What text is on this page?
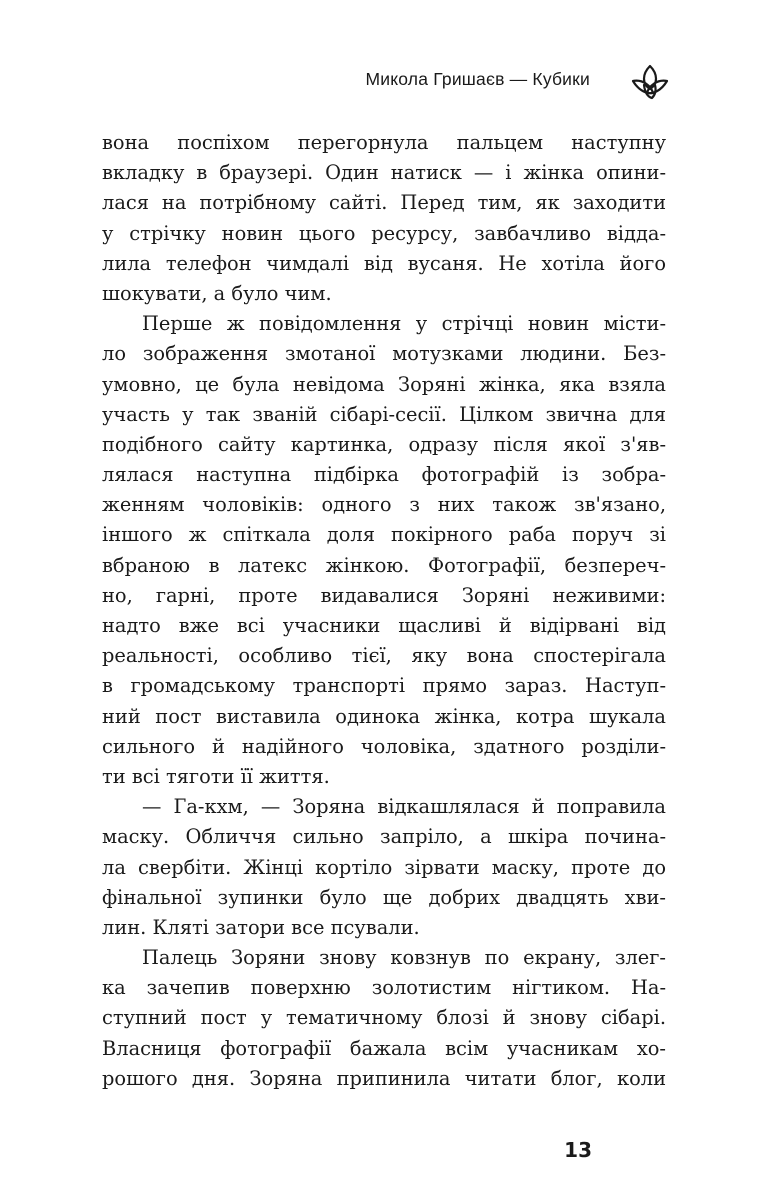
Микола Гришаєв — Кубики
вона поспіхом перегорнула пальцем наступну
вкладку в браузері. Один натиск — і жінка опини-
лася на потрібному сайті. Перед тим, як заходити
у стрічку новин цього ресурсу, завбачливо відда-
лила телефон чимдалі від вусаня. Не хотіла його
шокувати, а було чим.
Перше ж повідомлення у стрічці новин місти-
ло зображення змотаної мотузками людини. Без-
умовно, це була невідома Зоряні жінка, яка взяла
участь у так званій сібарі-сесії. Цілком звична для
подібного сайту картинка, одразу після якої з'яв-
лялася наступна підбірка фотографій із зобра-
женням чоловіків: одного з них також зв'язано,
іншого ж спіткала доля покірного раба поруч зі
вбраною в латекс жінкою. Фотографії, безпереч-
но, гарні, проте видавалися Зоряні неживими:
надто вже всі учасники щасливі й відірвані від
реальності, особливо тієї, яку вона спостерігала
в громадському транспорті прямо зараз. Наступ-
ний пост виставила одинока жінка, котра шукала
сильного й надійного чоловіка, здатного розділи-
ти всі тяготи її життя.
— Га-кхм, — Зоряна відкашлялася й поправила
маску. Обличчя сильно запріло, а шкіра почина-
ла свербіти. Жінці кортіло зірвати маску, проте до
фінальної зупинки було ще добрих двадцять хви-
лин. Кляті затори все псували.
Палець Зоряни знову ковзнув по екрану, злег-
ка зачепив поверхню золотистим нігтиком. На-
ступний пост у тематичному блозі й знову сібарі.
Власниця фотографії бажала всім учасникам хо-
рошого дня. Зоряна припинила читати блог, коли
13
